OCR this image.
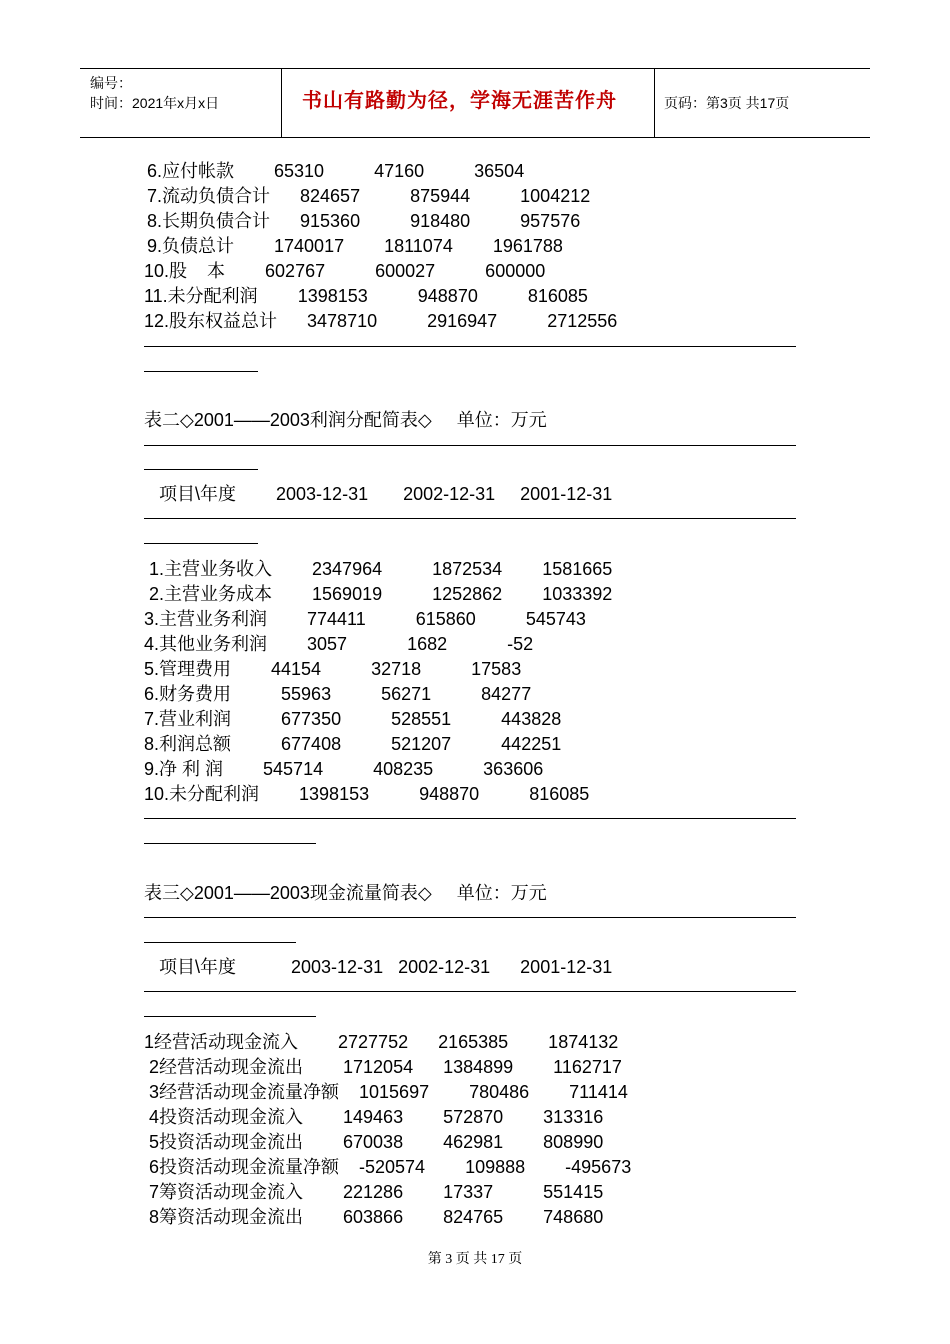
编号：
时间：2021年x月x日	书山有路勤为径，学海无涯苦作舟	页码：第3页 共17页
6.应付帐款        65310          47160          36504
7.流动负债合计      824657          875944          1004212
8.长期负债合计      915360          918480          957576
9.负债总计        1740017        1811074        1961788
10.股    本        602767          600027          600000
11.未分配利润        1398153          948870          816085
12.股东权益总计      3478710          2916947          2712556
表二◇2001——2003利润分配简表◇     单位：万元
项目\年度        2003-12-31       2002-12-31     2001-12-31
1.主营业务收入        2347964          1872534        1581665
2.主营业务成本        1569019          1252862        1033392
3.主营业务利润        774411          615860          545743
4.其他业务利润        3057            1682            -52
5.管理费用        44154          32718          17583
6.财务费用          55963          56271          84277
7.营业利润          677350          528551          443828
8.利润总额          677408          521207          442251
9.净 利 润        545714          408235          363606
10.未分配利润        1398153          948870          816085
表三◇2001——2003现金流量简表◇     单位：万元
项目\年度           2003-12-31   2002-12-31      2001-12-31
1经营活动现金流入        2727752      2165385        1874132
2经营活动现金流出        1712054      1384899        1162717
3经营活动现金流量净额    1015697        780486        711414
4投资活动现金流入        149463        572870        313316
5投资活动现金流出        670038        462981        808990
6投资活动现金流量净额    -520574        109888        -495673
7筹资活动现金流入        221286        17337          551415
8筹资活动现金流出        603866        824765        748680
第 3 页 共 17 页
